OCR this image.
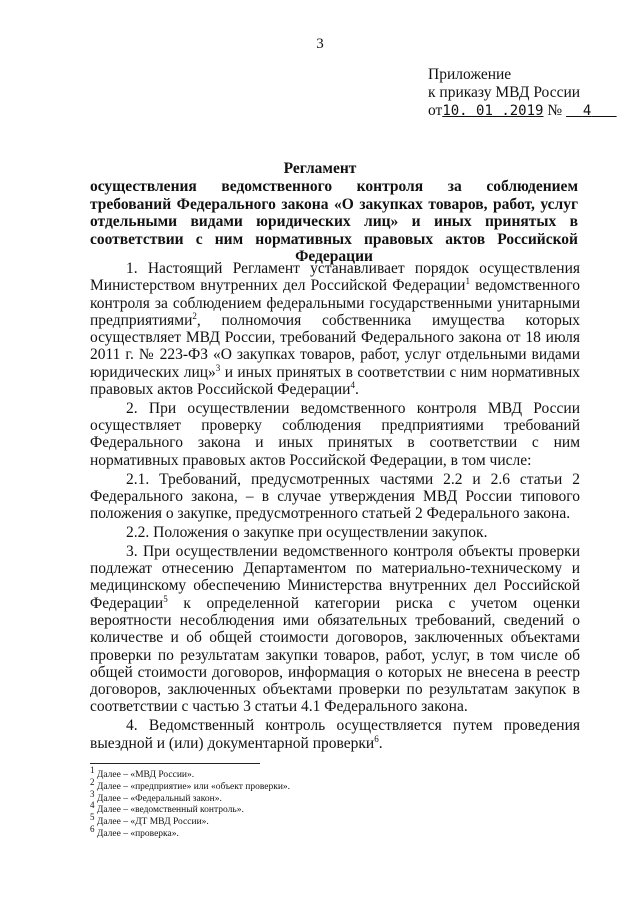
3
Приложение
к приказу МВД России
от10. 01 .2019 № 4
Регламент
осуществления ведомственного контроля за соблюдением требований Федерального закона «О закупках товаров, работ, услуг отдельными видами юридических лиц» и иных принятых в соответствии с ним нормативных правовых актов Российской Федерации

1. Настоящий Регламент устанавливает порядок осуществления Министерством внутренних дел Российской Федерации$^1$ ведомственного контроля за соблюдением федеральными государственными унитарными предприятиями$^2$, полномочия собственника имущества которых осуществляет МВД России, требований Федерального закона от 18 июля 2011 г. № 223-ФЗ «О закупках товаров, работ, услуг отдельными видами юридических лиц»$^3$ и иных принятых в соответствии с ним нормативных правовых актов Российской Федерации$^4$.

2. При осуществлении ведомственного контроля МВД России осуществляет проверку соблюдения предприятиями требований Федерального закона и иных принятых в соответствии с ним нормативных правовых актов Российской Федерации, в том числе:

2.1. Требований, предусмотренных частями 2.2 и 2.6 статьи 2 Федерального закона, – в случае утверждения МВД России типового положения о закупке, предусмотренного статьей 2 Федерального закона.

2.2. Положения о закупке при осуществлении закупок.

3. При осуществлении ведомственного контроля объекты проверки подлежат отнесению Департаментом по материально-техническому и медицинскому обеспечению Министерства внутренних дел Российской Федерации$^5$ к определенной категории риска с учетом оценки вероятности несоблюдения ими обязательных требований, сведений о количестве и об общей стоимости договоров, заключенных объектами проверки по результатам закупки товаров, работ, услуг, в том числе об общей стоимости договоров, информация о которых не внесена в реестр договоров, заключенных объектами проверки по результатам закупок в соответствии с частью 3 статьи 4.1 Федерального закона.

4. Ведомственный контроль осуществляется путем проведения выездной и (или) документарной проверки$^6$.

$^1$ Далее – «МВД России».
$^2$ Далее – «предприятие» или «объект проверки».
$^3$ Далее – «Федеральный закон».
$^4$ Далее – «ведомственный контроль».
$^5$ Далее – «ДТ МВД России».
$^6$ Далее – «проверка».
